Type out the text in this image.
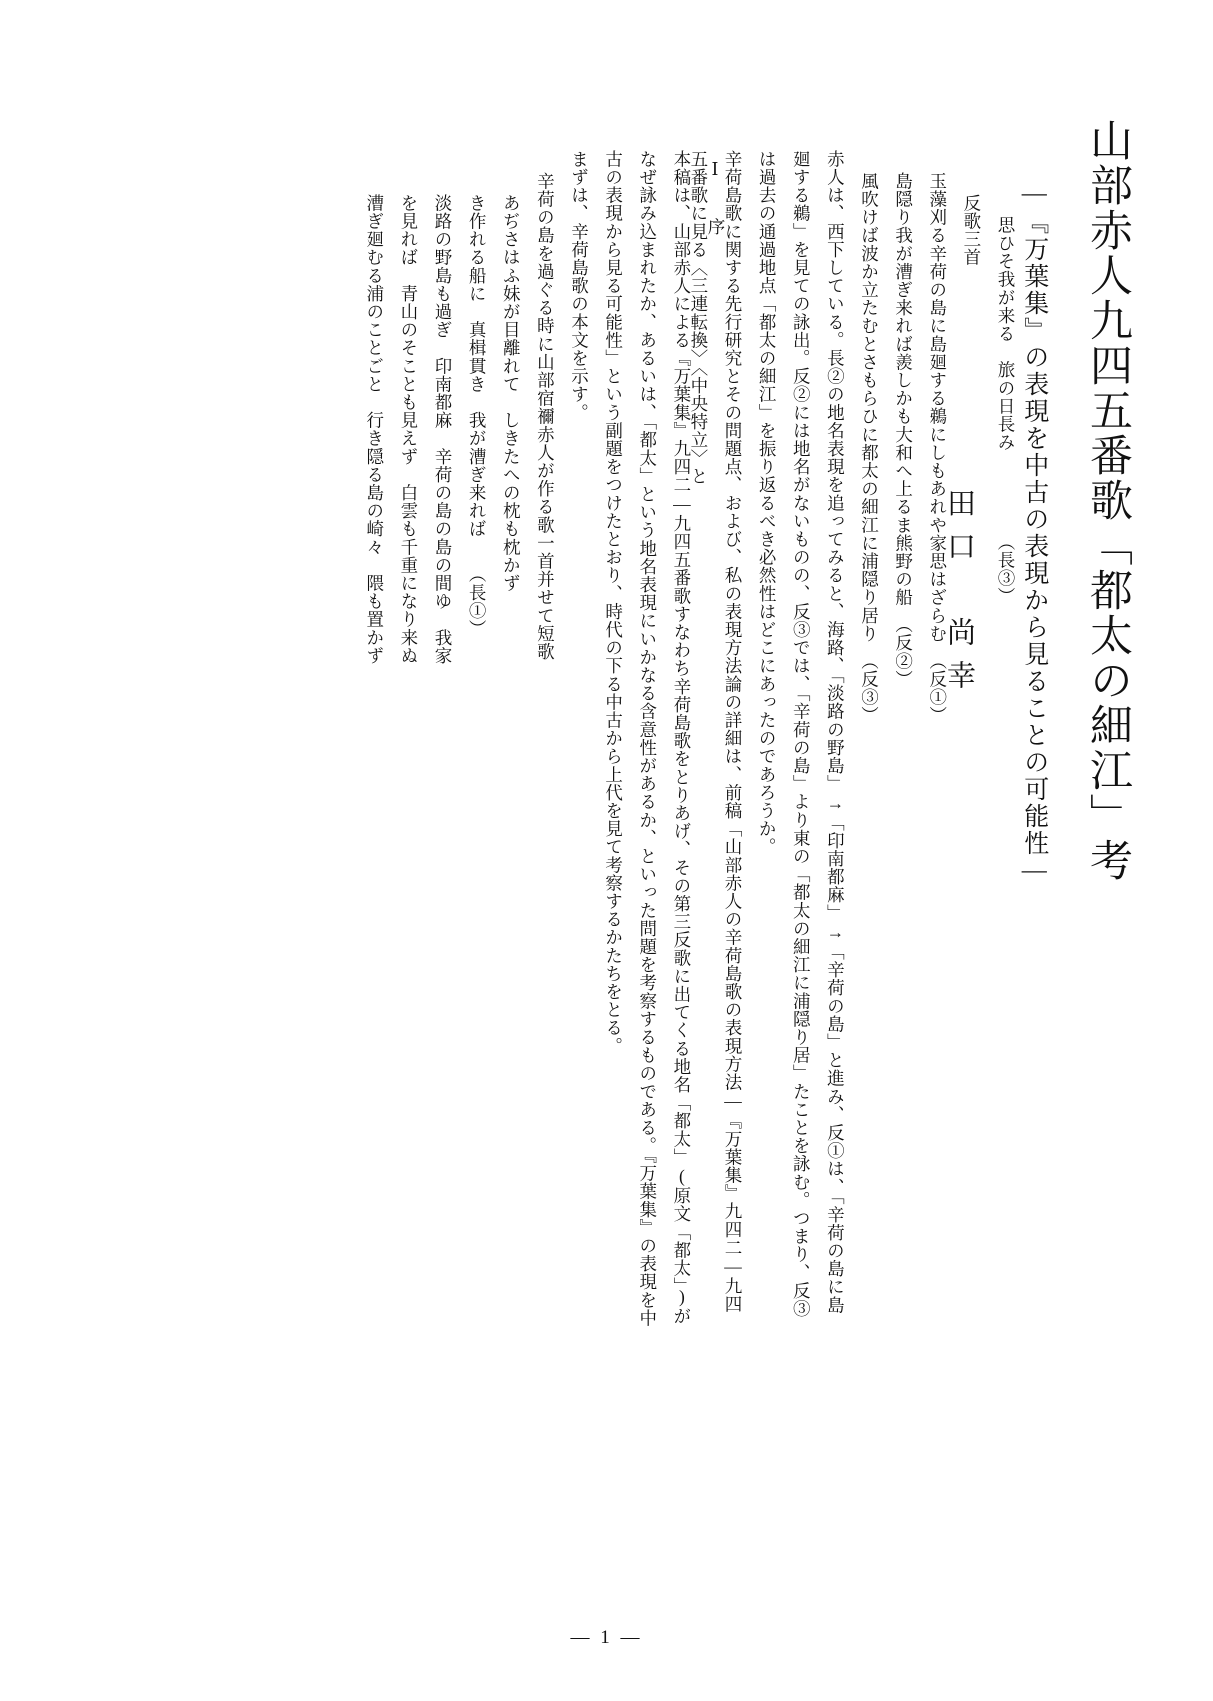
山部赤人九四五番歌「都太の細江」考
―『万葉集』の表現を中古の表現から見ることの可能性―
田口　尚幸
Ⅰ　序
本稿は、山部赤人による『万葉集』九四二―九四五番歌すなわち辛荷島歌をとりあげ、その第三反歌に出てくる地名「都太」(原文「都太」)がなぜ詠み込まれたか、あるいは、「都太」という地名表現にいかなる含意性があるか、といった問題を考察するものである。『万葉集』の表現を中古の表現から見る可能性」という副題をつけたとおり、時代の下る中古から上代を見て考察するかたちをとる。
まずは、辛荷島歌の本文を示す。
辛荷の島を過ぐる時に山部宿禰赤人が作る歌一首并せて短歌
あぢさはふ妹が目離れて　しきたへの枕も枕かず
き作れる船に　真楫貫き　我が漕ぎ来れば　　（長①）
淡路の野島も過ぎ　印南都麻　辛荷の島の島の間ゆ　我家
を見れば　青山のそことも見えず　白雲も千重になり来ぬ
漕ぎ廻むる浦のことごと　行き隠る島の崎々　隈も置かず	思ひそ我が来る　旅の日長み　　　　　（長③）
反歌三首
玉藻刈る辛荷の島に島廻する鵜にしもあれや家思はざらむ　（反①）
島隠り我が漕ぎ来れば羨しかも大和へ上るま熊野の船　（反②）
風吹けば波か立たむとさもらひに都太の細江に浦隠り居り　（反③）
赤人は、西下している。長②の地名表現を追ってみると、海路、「淡路の野島」→「印南都麻」→「辛荷の島」と進み、反①は、「辛荷の島に島廻する鵜」を見ての詠出。反②には地名がないものの、反③では、「辛荷の島」より東の「都太の細江に浦隠り居」たことを詠む。つまり、反③は過去の通過地点「都太の細江」を振り返るべき必然性はどこにあったのであろうか。
辛荷島歌に関する先行研究とその問題点、および、私の表現方法論の詳細は、前稿「山部赤人の辛荷島歌の表現方法―『万葉集』九四二―九四五番歌に見る〈三連転換〉〈中央特立〉と
— 1 —
